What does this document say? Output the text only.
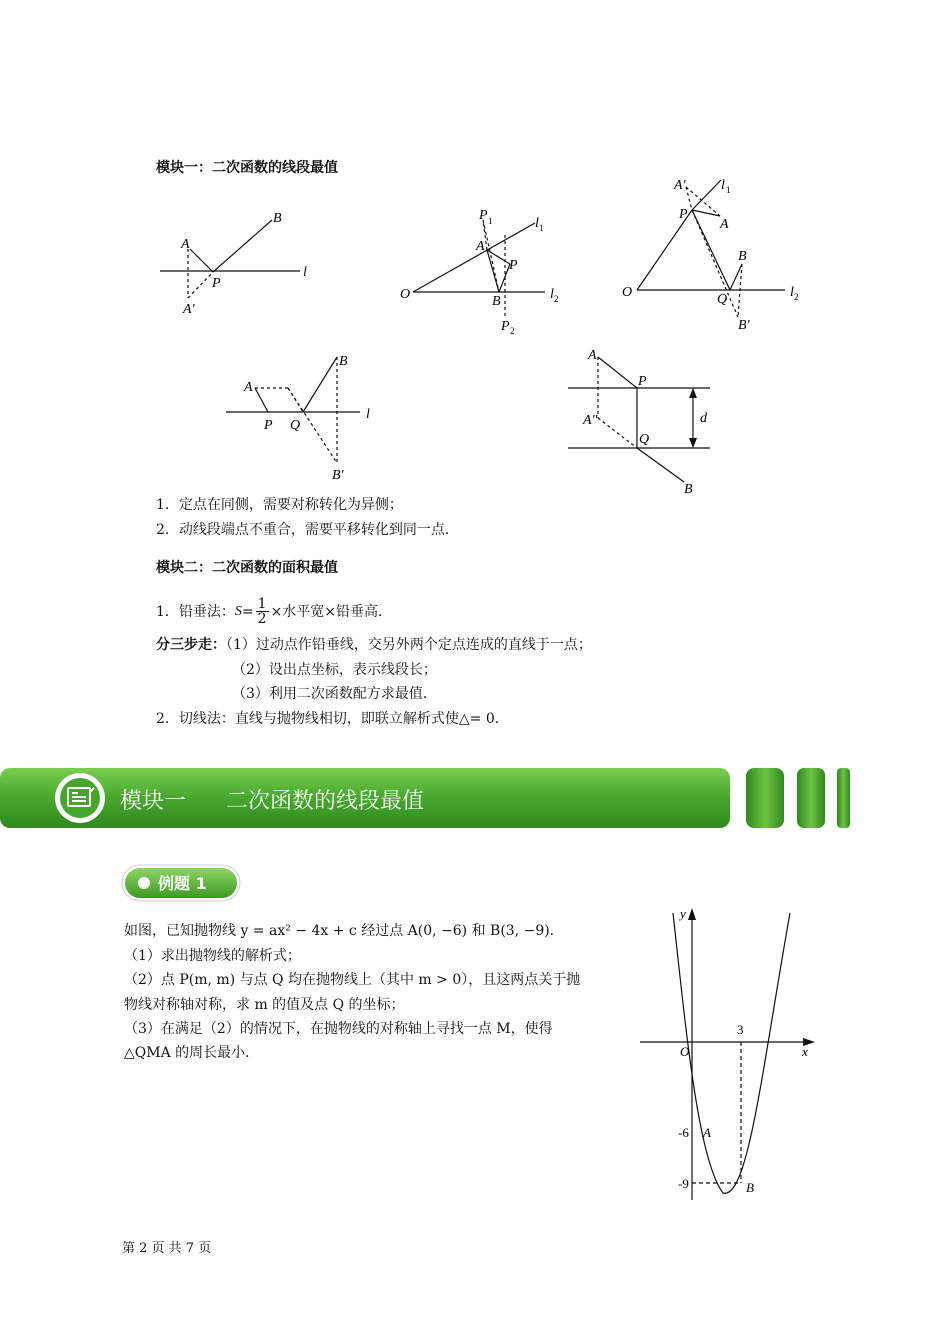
模块一：二次函数的线段最值
B
A
P
l
A'
P 1
A
l 1
P
O	B	l 2
P 2
A'	l 1
P
A
B
O	Q	l 2
B'
A
B
P Q
l
B'
A
P
A"	d
Q
B
1．定点在同侧，需要对称转化为异侧；
2．动线段端点不重合，需要平移转化到同一点．
模块二：二次函数的面积最值
1．铅垂法： $S = \frac{1}{2}$ ×水平宽×铅垂高．
分三步走：（1）过动点作铅垂线，交另外两个定点连成的直线于一点；
（2）设出点坐标，表示线段长；
（3）利用二次函数配方求最值．
2．切线法：直线与抛物线相切，即联立解析式使△= 0．
模块一 二次函数的线段最值
例题 1
如图，已知抛物线 y = ax² − 4x + c 经过点 A(0, −6) 和 B(3, −9)．
（1）求出抛物线的解析式；
（2）点 P(m, m) 与点 Q 均在抛物线上（其中 m > 0），且这两点关于抛
物线对称轴对称，求 m 的值及点 Q 的坐标；
（3）在满足（2）的情况下，在抛物线的对称轴上寻找一点 M，使得
△QMA 的周长最小．
y
x
O
3
-6 A
-9	B
第 2 页 共 7 页
